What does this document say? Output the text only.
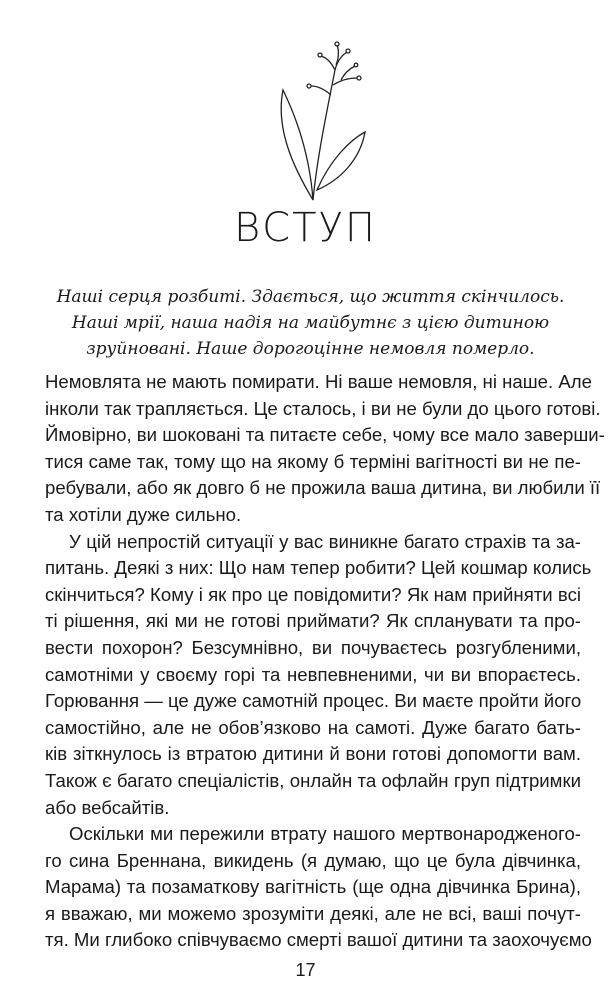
ВСТУП
Наші серця розбиті. Здається, що життя скінчилось.
Наші мрії, наша надія на майбутнє з цією дитиною
зруйновані. Наше дорогоцінне немовля померло.
Немовлята не мають помирати. Ні ваше немовля, ні наше. Але
інколи так трапляється. Це сталось, і ви не були до цього готові.
Ймовірно, ви шоковані та питаєте себе, чому все мало заверши-
тися саме так, тому що на якому б терміні вагітності ви не пе-
ребували, або як довго б не прожила ваша дитина, ви любили її
та хотіли дуже сильно.
У цій непростій ситуації у вас виникне багато страхів та за-
питань. Деякі з них: Що нам тепер робити? Цей кошмар колись
скінчиться? Кому і як про це повідомити? Як нам прийняти всі
ті рішення, які ми не готові приймати? Як спланувати та про-
вести похорон? Безсумнівно, ви почуваєтесь розгубленими,
самотніми у своєму горі та невпевненими, чи ви впораєтесь.
Горювання — це дуже самотній процес. Ви маєте пройти його
самостійно, але не обов’язково на самоті. Дуже багато бать-
ків зіткнулось із втратою дитини й вони готові допомогти вам.
Також є багато спеціалістів, онлайн та офлайн груп підтримки
або вебсайтів.
Оскільки ми пережили втрату нашого мертвонародженого-
го сина Бреннана, викидень (я думаю, що це була дівчинка,
Марама) та позаматкову вагітність (ще одна дівчинка Брина),
я вважаю, ми можемо зрозуміти деякі, але не всі, ваші почут-
тя. Ми глибоко співчуваємо смерті вашої дитини та заохочуємо
17
